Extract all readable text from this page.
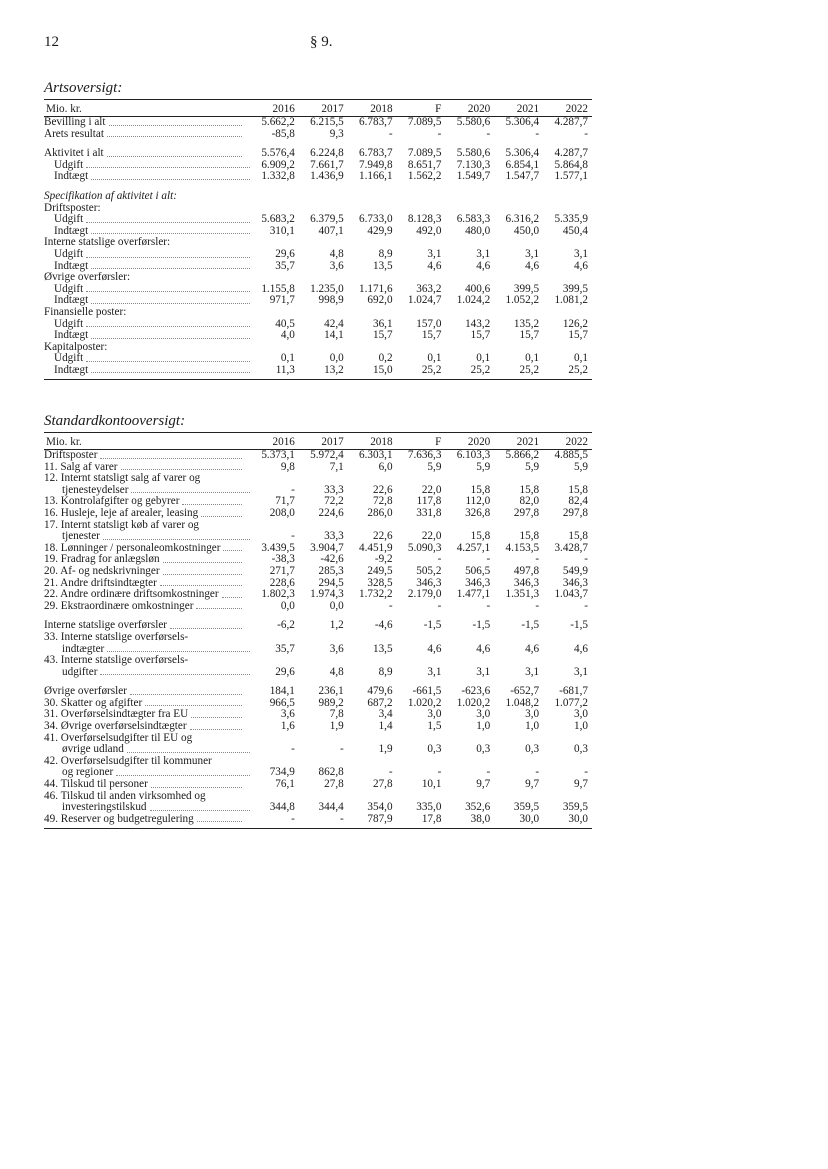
12	§ 9.
Artsoversigt:
Mio. kr.	2016	2017	2018	F	2020	2021	2022

Bevilling i alt	5.662,2	6.215,5	6.783,7	7.089,5	5.580,6	5.306,4	4.287,7

Årets resultat	-85,8	9,3	-	-	-	-	-

Aktivitet i alt	5.576,4	6.224,8	6.783,7	7.089,5	5.580,6	5.306,4	4.287,7

Udgift	6.909,2	7.661,7	7.949,8	8.651,7	7.130,3	6.854,1	5.864,8

Indtægt	1.332,8	1.436,9	1.166,1	1.562,2	1.549,7	1.547,7	1.577,1

Specifikation af aktivitet i alt:							

Driftsposter:							

Udgift	5.683,2	6.379,5	6.733,0	8.128,3	6.583,3	6.316,2	5.335,9

Indtægt	310,1	407,1	429,9	492,0	480,0	450,0	450,4

Interne statslige overførsler:							

Udgift	29,6	4,8	8,9	3,1	3,1	3,1	3,1

Indtægt	35,7	3,6	13,5	4,6	4,6	4,6	4,6

Øvrige overførsler:							

Udgift	1.155,8	1.235,0	1.171,6	363,2	400,6	399,5	399,5

Indtægt	971,7	998,9	692,0	1.024,7	1.024,2	1.052,2	1.081,2

Finansielle poster:							

Udgift	40,5	42,4	36,1	157,0	143,2	135,2	126,2

Indtægt	4,0	14,1	15,7	15,7	15,7	15,7	15,7

Kapitalposter:							

Udgift	0,1	0,0	0,2	0,1	0,1	0,1	0,1

Indtægt	11,3	13,2	15,0	25,2	25,2	25,2	25,2

Standardkontooversigt:
Mio. kr.	2016	2017	2018	F	2020	2021	2022

Driftsposter	5.373,1	5.972,4	6.303,1	7.636,3	6.103,3	5.866,2	4.885,5

11. Salg af varer	9,8	7,1	6,0	5,9	5,9	5,9	5,9

12. Internt statsligt salg af varer og							

tjenesteydelser	-	33,3	22,6	22,0	15,8	15,8	15,8

13. Kontrolafgifter og gebyrer	71,7	72,2	72,8	117,8	112,0	82,0	82,4

16. Husleje, leje af arealer, leasing	208,0	224,6	286,0	331,8	326,8	297,8	297,8

17. Internt statsligt køb af varer og							

tjenester	-	33,3	22,6	22,0	15,8	15,8	15,8

18. Lønninger / personaleomkostninger	3.439,5	3.904,7	4.451,9	5.090,3	4.257,1	4.153,5	3.428,7

19. Fradrag for anlægsløn	-38,3	-42,6	-9,2	-	-	-	-

20. Af- og nedskrivninger	271,7	285,3	249,5	505,2	506,5	497,8	549,9

21. Andre driftsindtægter	228,6	294,5	328,5	346,3	346,3	346,3	346,3

22. Andre ordinære driftsomkostninger	1.802,3	1.974,3	1.732,2	2.179,0	1.477,1	1.351,3	1.043,7

29. Ekstraordinære omkostninger	0,0	0,0	-	-	-	-	-

Interne statslige overførsler	-6,2	1,2	-4,6	-1,5	-1,5	-1,5	-1,5

33. Interne statslige overførsels-							

indtægter	35,7	3,6	13,5	4,6	4,6	4,6	4,6

43. Interne statslige overførsels-							

udgifter	29,6	4,8	8,9	3,1	3,1	3,1	3,1

Øvrige overførsler	184,1	236,1	479,6	-661,5	-623,6	-652,7	-681,7

30. Skatter og afgifter	966,5	989,2	687,2	1.020,2	1.020,2	1.048,2	1.077,2

31. Overførselsindtægter fra EU	3,6	7,8	3,4	3,0	3,0	3,0	3,0

34. Øvrige overførselsindtægter	1,6	1,9	1,4	1,5	1,0	1,0	1,0

41. Overførselsudgifter til EU og							

øvrige udland	-	-	1,9	0,3	0,3	0,3	0,3

42. Overførselsudgifter til kommuner							

og regioner	734,9	862,8	-	-	-	-	-

44. Tilskud til personer	76,1	27,8	27,8	10,1	9,7	9,7	9,7

46. Tilskud til anden virksomhed og							

investeringstilskud	344,8	344,4	354,0	335,0	352,6	359,5	359,5

49. Reserver og budgetregulering	-	-	787,9	17,8	38,0	30,0	30,0
